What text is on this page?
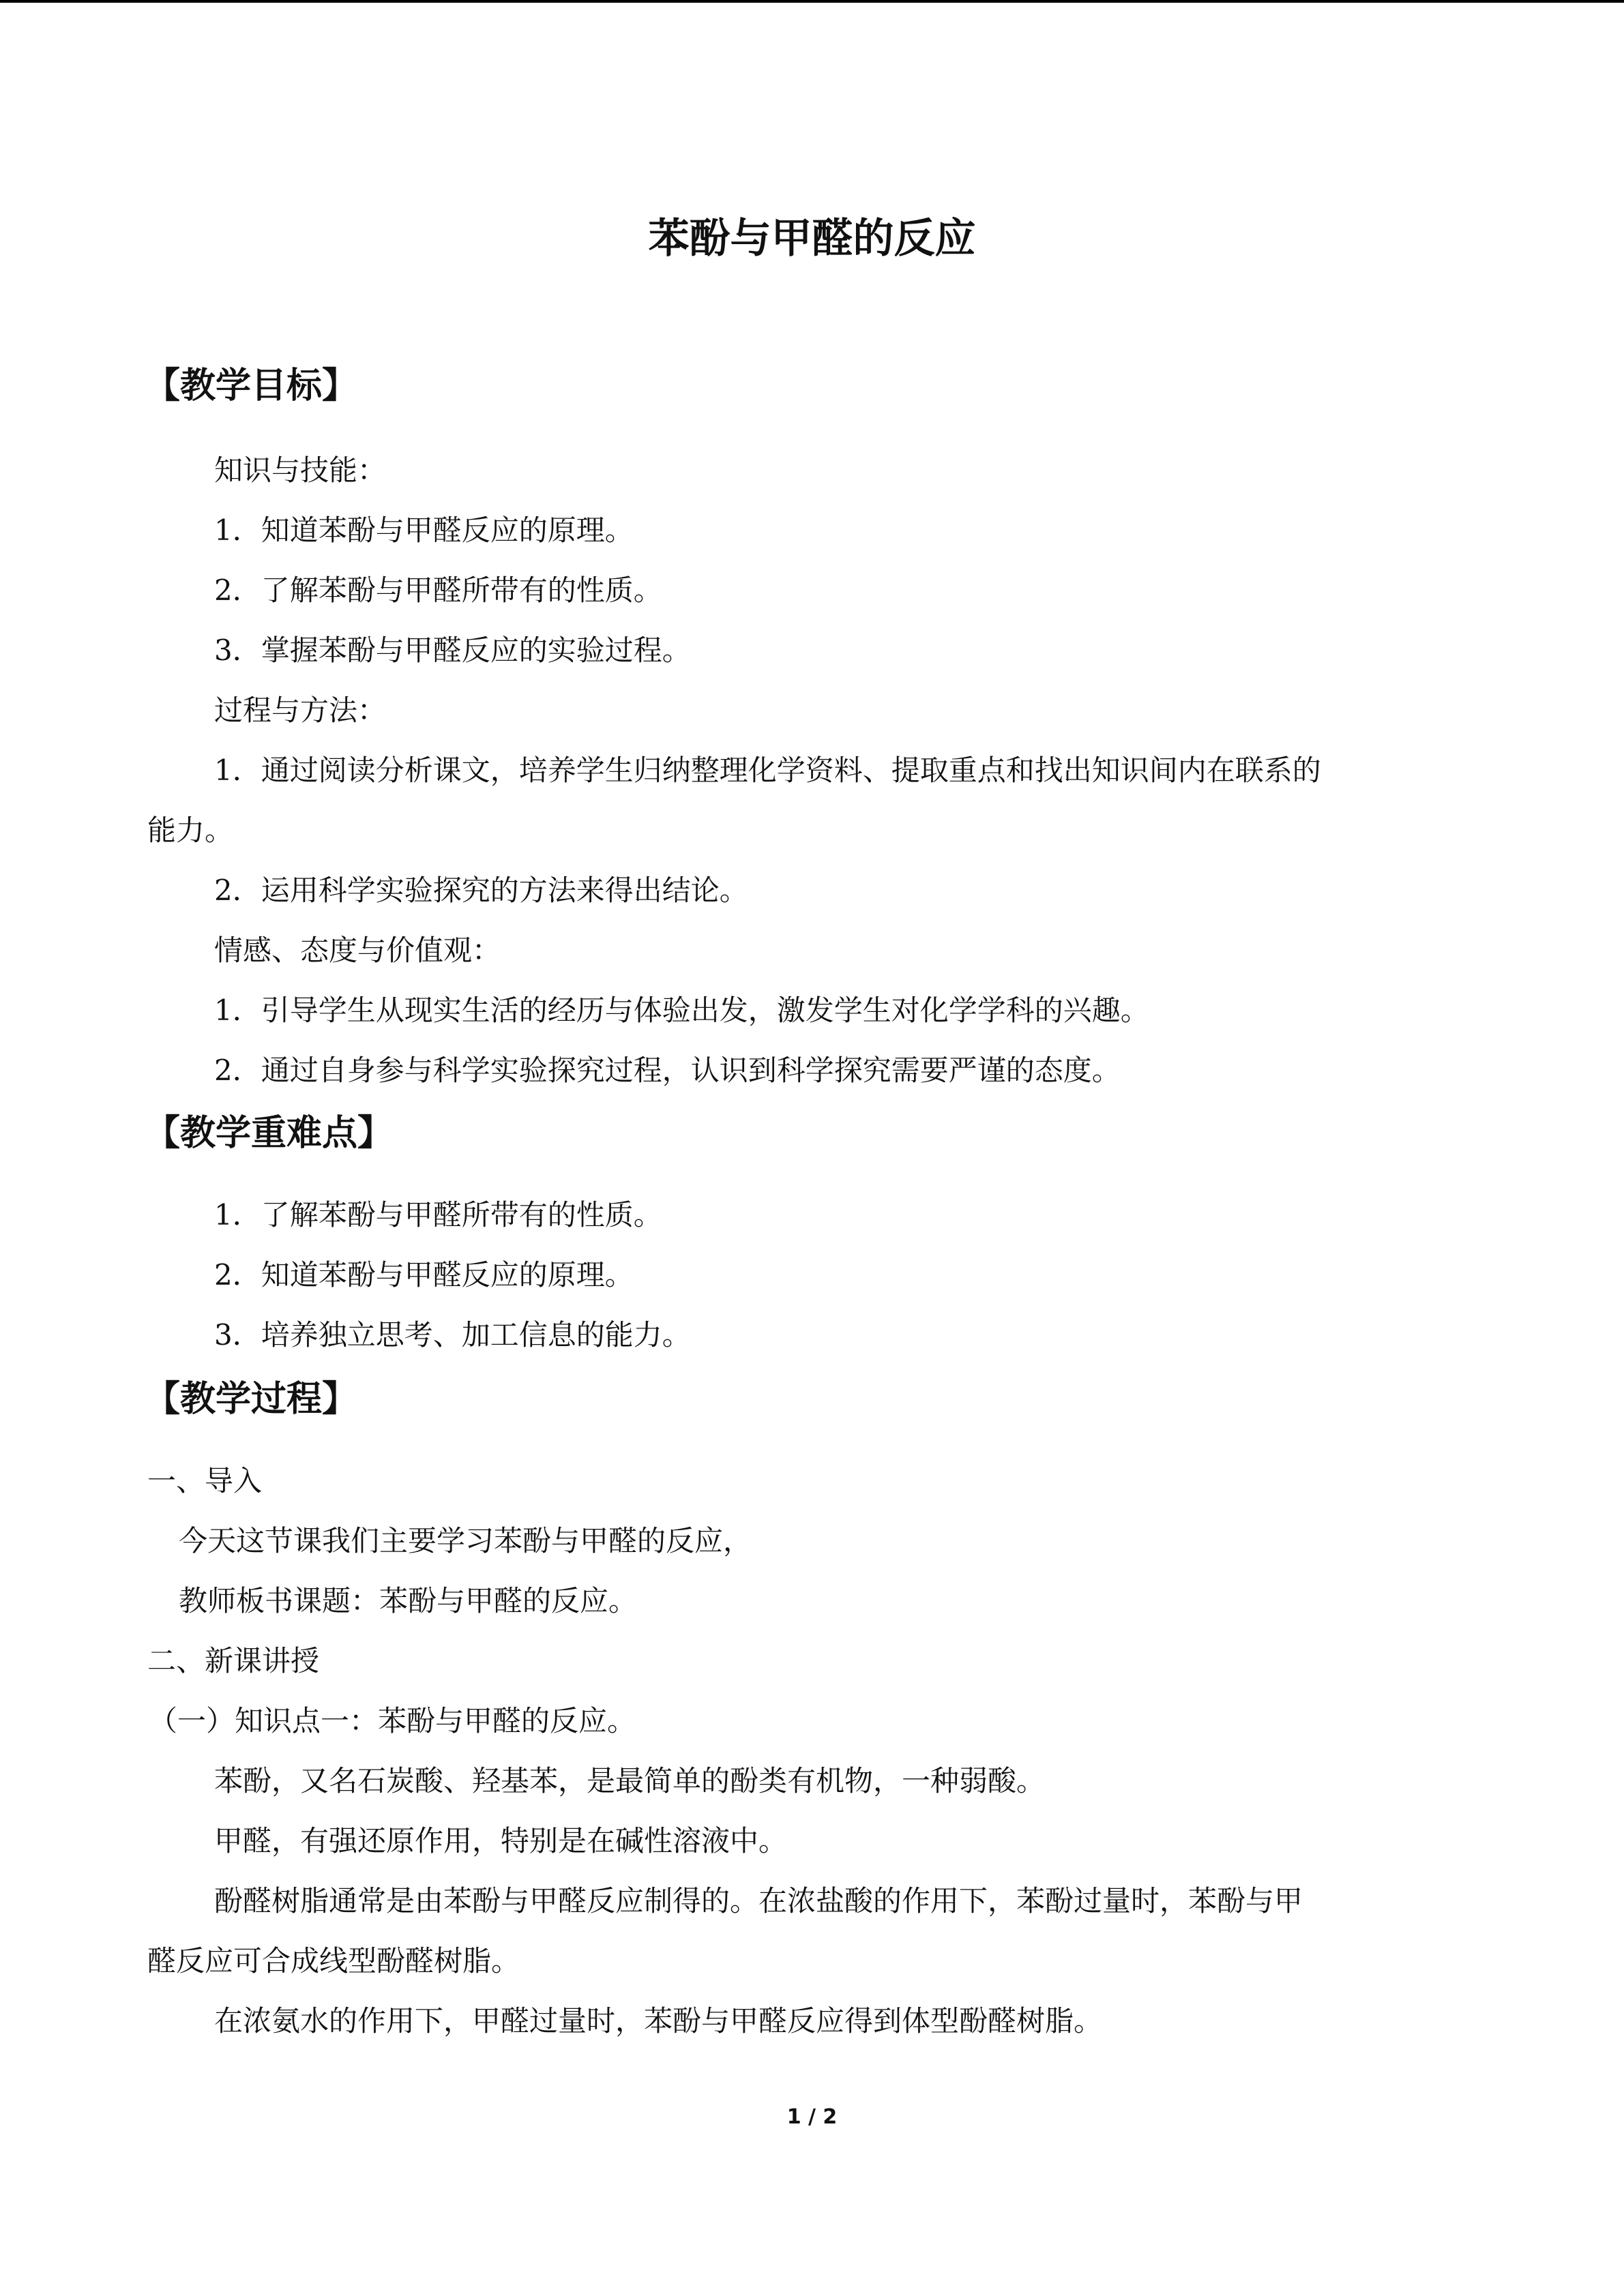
苯酚与甲醛的反应
【教学目标】
知识与技能：
1．知道苯酚与甲醛反应的原理。
2．了解苯酚与甲醛所带有的性质。
3．掌握苯酚与甲醛反应的实验过程。
过程与方法：
1．通过阅读分析课文，培养学生归纳整理化学资料、提取重点和找出知识间内在联系的
能力。
2．运用科学实验探究的方法来得出结论。
情感、态度与价值观：
1．引导学生从现实生活的经历与体验出发，激发学生对化学学科的兴趣。
2．通过自身参与科学实验探究过程，认识到科学探究需要严谨的态度。
【教学重难点】
1．了解苯酚与甲醛所带有的性质。
2．知道苯酚与甲醛反应的原理。
3．培养独立思考、加工信息的能力。
【教学过程】
一、导入
今天这节课我们主要学习苯酚与甲醛的反应，
教师板书课题：苯酚与甲醛的反应。
二、新课讲授
（一）知识点一：苯酚与甲醛的反应。
苯酚，又名石炭酸、羟基苯，是最简单的酚类有机物，一种弱酸。
甲醛，有强还原作用，特别是在碱性溶液中。
酚醛树脂通常是由苯酚与甲醛反应制得的。在浓盐酸的作用下，苯酚过量时，苯酚与甲
醛反应可合成线型酚醛树脂。
在浓氨水的作用下，甲醛过量时，苯酚与甲醛反应得到体型酚醛树脂。
1 / 2
